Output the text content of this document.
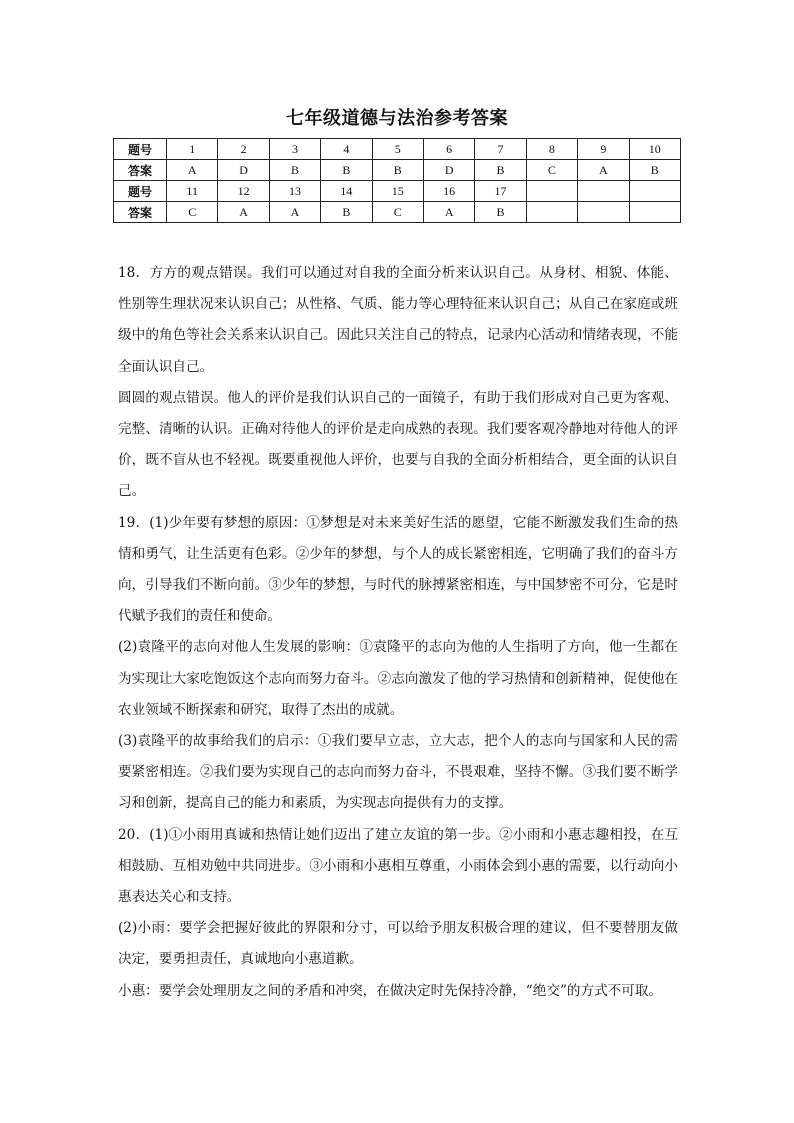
七年级道德与法治参考答案
题号	1	2	3	4	5	6	7	8	9	10
答案	A	D	B	B	B	D	B	C	A	B
题号	11	12	13	14	15	16	17			
答案	C	A	A	B	C	A	B			

18．方方的观点错误。我们可以通过对自我的全面分析来认识自己。从身材、相貌、体能、性别等生理状况来认识自己；从性格、气质、能力等心理特征来认识自己；从自己在家庭或班级中的角色等社会关系来认识自己。因此只关注自己的特点，记录内心活动和情绪表现，不能全面认识自己。

圆圆的观点错误。他人的评价是我们认识自己的一面镜子，有助于我们形成对自己更为客观、完整、清晰的认识。正确对待他人的评价是走向成熟的表现。我们要客观冷静地对待他人的评价，既不盲从也不轻视。既要重视他人评价，也要与自我的全面分析相结合，更全面的认识自己。

19．(1)少年要有梦想的原因：①梦想是对未来美好生活的愿望，它能不断激发我们生命的热情和勇气，让生活更有色彩。②少年的梦想，与个人的成长紧密相连，它明确了我们的奋斗方向，引导我们不断向前。③少年的梦想，与时代的脉搏紧密相连，与中国梦密不可分，它是时代赋予我们的责任和使命。

(2)袁隆平的志向对他人生发展的影响：①袁隆平的志向为他的人生指明了方向，他一生都在为实现让大家吃饱饭这个志向而努力奋斗。②志向激发了他的学习热情和创新精神，促使他在农业领域不断探索和研究，取得了杰出的成就。

(3)袁隆平的故事给我们的启示：①我们要早立志，立大志，把个人的志向与国家和人民的需要紧密相连。②我们要为实现自己的志向而努力奋斗，不畏艰难，坚持不懈。③我们要不断学习和创新，提高自己的能力和素质，为实现志向提供有力的支撑。

20．(1)①小雨用真诚和热情让她们迈出了建立友谊的第一步。②小雨和小惠志趣相投，在互相鼓励、互相劝勉中共同进步。③小雨和小惠相互尊重，小雨体会到小惠的需要，以行动向小惠表达关心和支持。

(2)小雨：要学会把握好彼此的界限和分寸，可以给予朋友积极合理的建议，但不要替朋友做决定，要勇担责任，真诚地向小惠道歉。

小惠：要学会处理朋友之间的矛盾和冲突，在做决定时先保持冷静，“绝交”的方式不可取。
